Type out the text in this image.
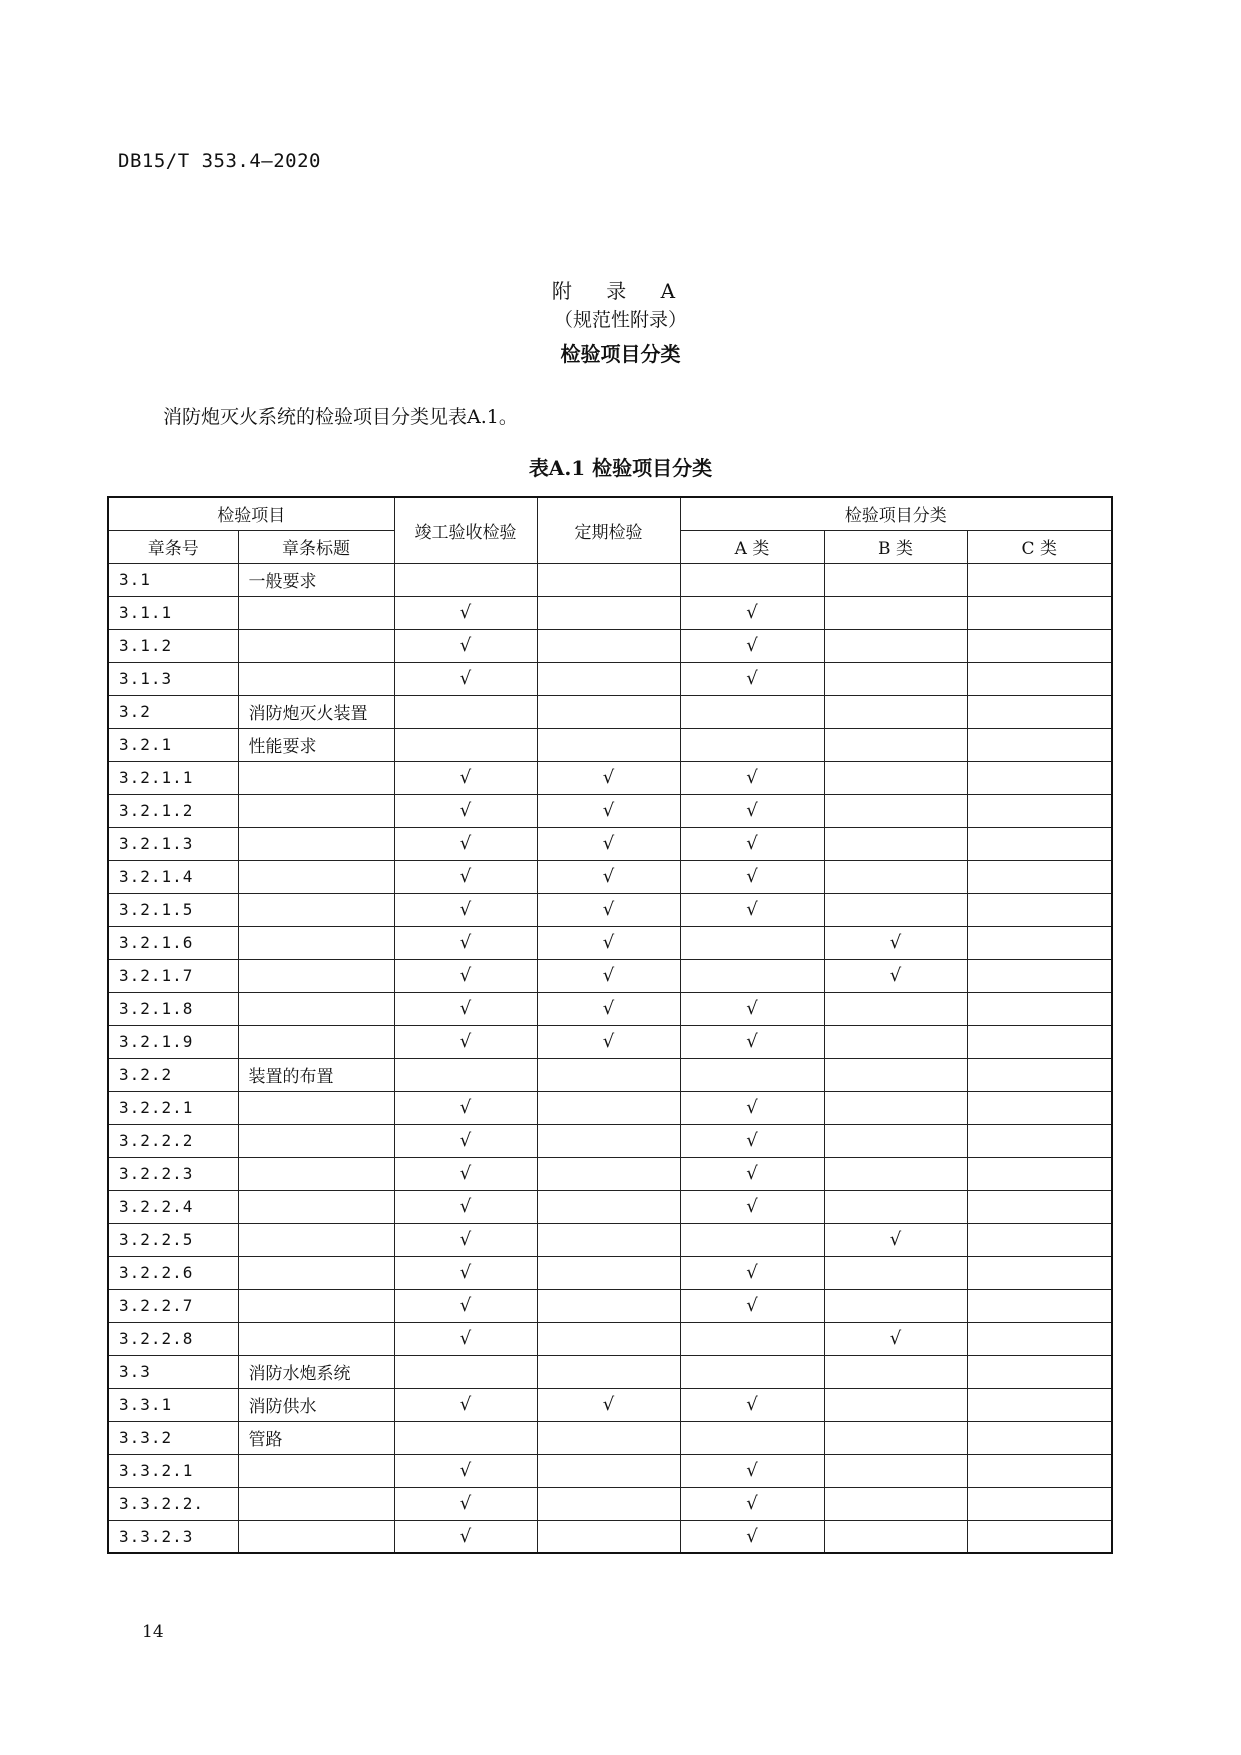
DB15/T 353.4—2020
附 录 A
（规范性附录）
检验项目分类
消防炮灭火系统的检验项目分类见表A.1。
表A.1 检验项目分类
检验项目		竣工验收检验	定期检验	检验项目分类		
章条号	章条标题			A 类	B 类	C 类
3.1	一般要求					
3.1.1		√		√		
3.1.2		√		√		
3.1.3		√		√		
3.2	消防炮灭火装置					
3.2.1	性能要求					
3.2.1.1		√	√	√		
3.2.1.2		√	√	√		
3.2.1.3		√	√	√		
3.2.1.4		√	√	√		
3.2.1.5		√	√	√		
3.2.1.6		√	√		√	
3.2.1.7		√	√		√	
3.2.1.8		√	√	√		
3.2.1.9		√	√	√		
3.2.2	装置的布置					
3.2.2.1		√		√		
3.2.2.2		√		√		
3.2.2.3		√		√		
3.2.2.4		√		√		
3.2.2.5		√			√	
3.2.2.6		√		√		
3.2.2.7		√		√		
3.2.2.8		√			√	
3.3	消防水炮系统					
3.3.1	消防供水	√	√	√		
3.3.2	管路					
3.3.2.1		√		√		
3.3.2.2.		√		√		
3.3.2.3		√		√		
14
